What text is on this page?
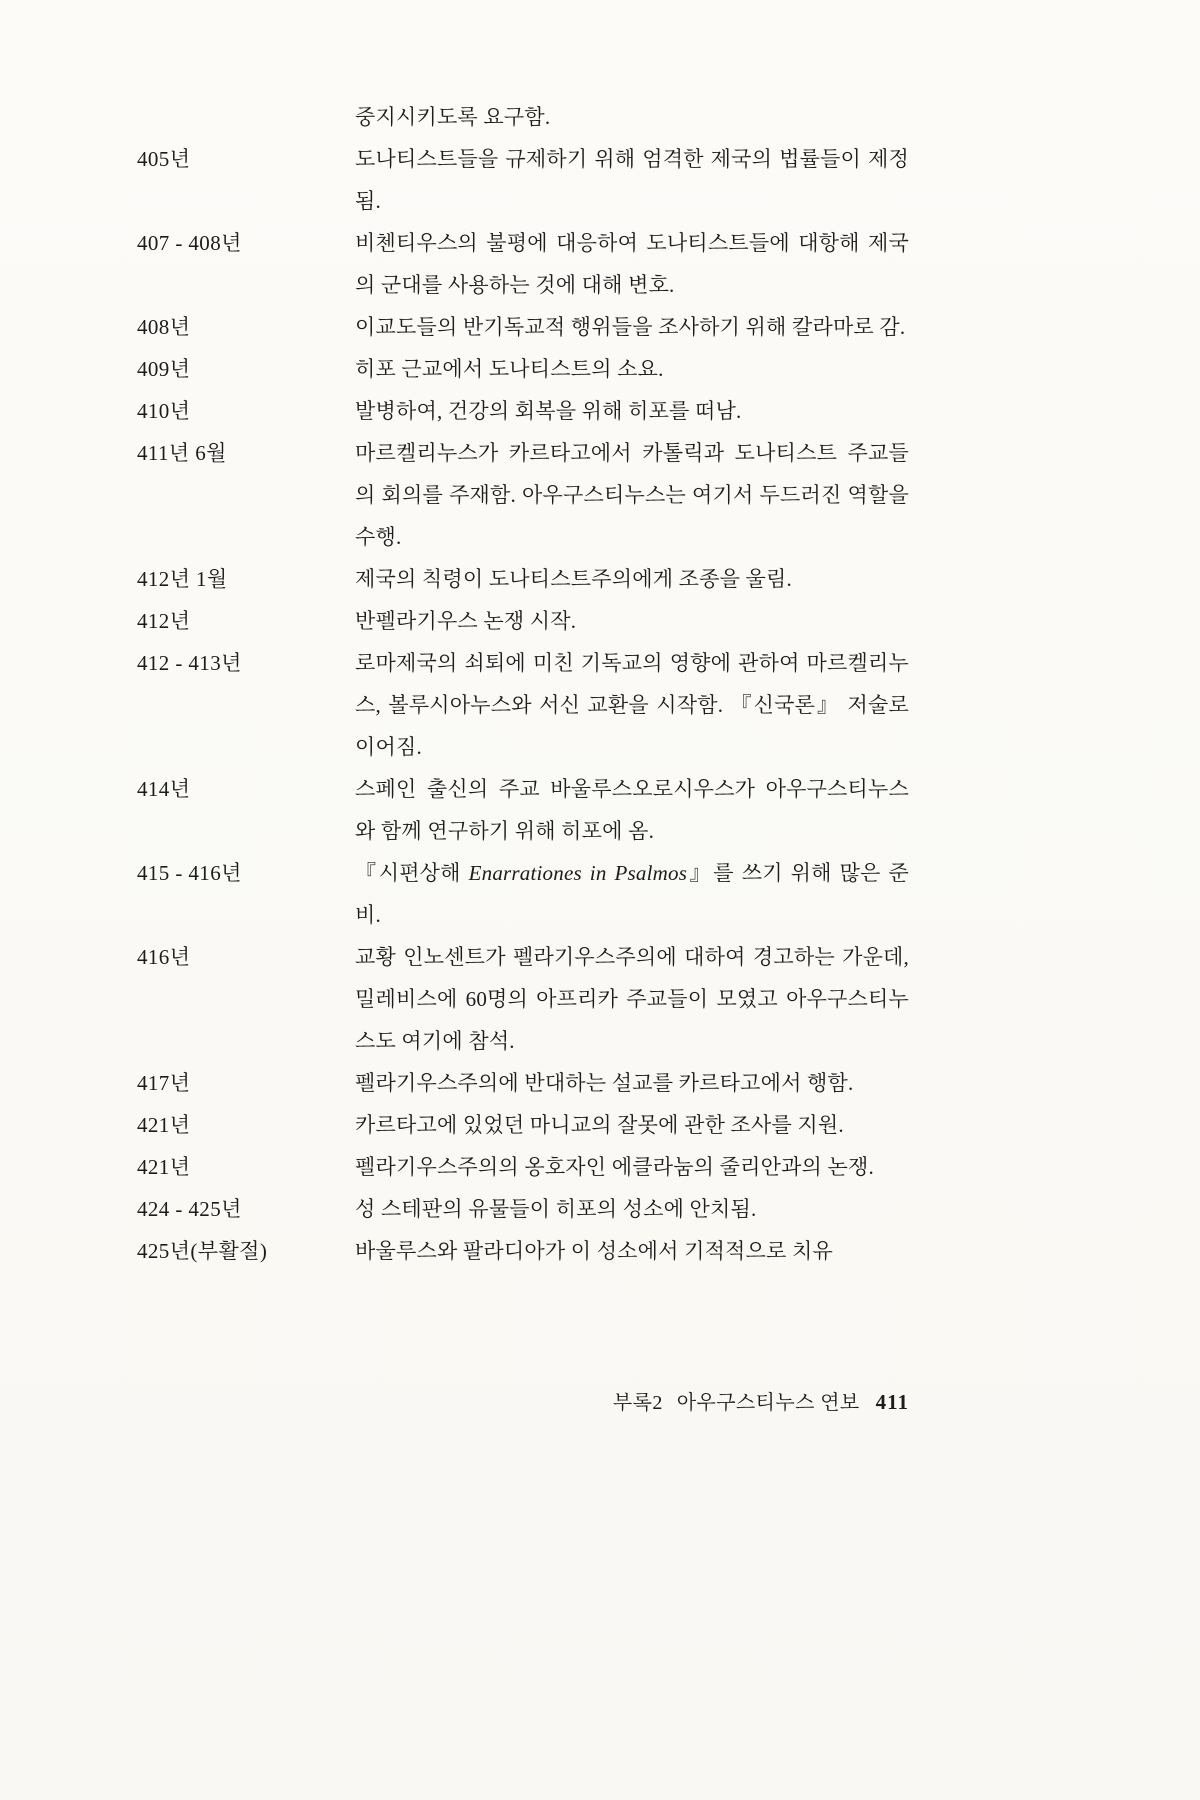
중지시키도록 요구함.
405년	도나티스트들을 규제하기 위해 엄격한 제국의 법률들이 제정됨.
407 - 408년	비첸티우스의 불평에 대응하여 도나티스트들에 대항해 제국의 군대를 사용하는 것에 대해 변호.
408년	이교도들의 반기독교적 행위들을 조사하기 위해 칼라마로 감.
409년	히포 근교에서 도나티스트의 소요.
410년	발병하여, 건강의 회복을 위해 히포를 떠남.
411년 6월	마르켈리누스가 카르타고에서 카톨릭과 도나티스트 주교들의 회의를 주재함. 아우구스티누스는 여기서 두드러진 역할을 수행.
412년 1월	제국의 칙령이 도나티스트주의에게 조종을 울림.
412년	반펠라기우스 논쟁 시작.
412 - 413년	로마제국의 쇠퇴에 미친 기독교의 영향에 관하여 마르켈리누스, 볼루시아누스와 서신 교환을 시작함. 『신국론』 저술로 이어짐.
414년	스페인 출신의 주교 바울루스오로시우스가 아우구스티누스와 함께 연구하기 위해 히포에 옴.
415 - 416년	『시편상해 Enarrationes in Psalmos』를 쓰기 위해 많은 준비.
416년	교황 인노센트가 펠라기우스주의에 대하여 경고하는 가운데, 밀레비스에 60명의 아프리카 주교들이 모였고 아우구스티누스도 여기에 참석.
417년	펠라기우스주의에 반대하는 설교를 카르타고에서 행함.
421년	카르타고에 있었던 마니교의 잘못에 관한 조사를 지원.
421년	펠라기우스주의의 옹호자인 에클라눔의 줄리안과의 논쟁.
424 - 425년	성 스테판의 유물들이 히포의 성소에 안치됨.
425년(부활절)	바울루스와 팔라디아가 이 성소에서 기적적으로 치유
부록2 아우구스티누스 연보 411
